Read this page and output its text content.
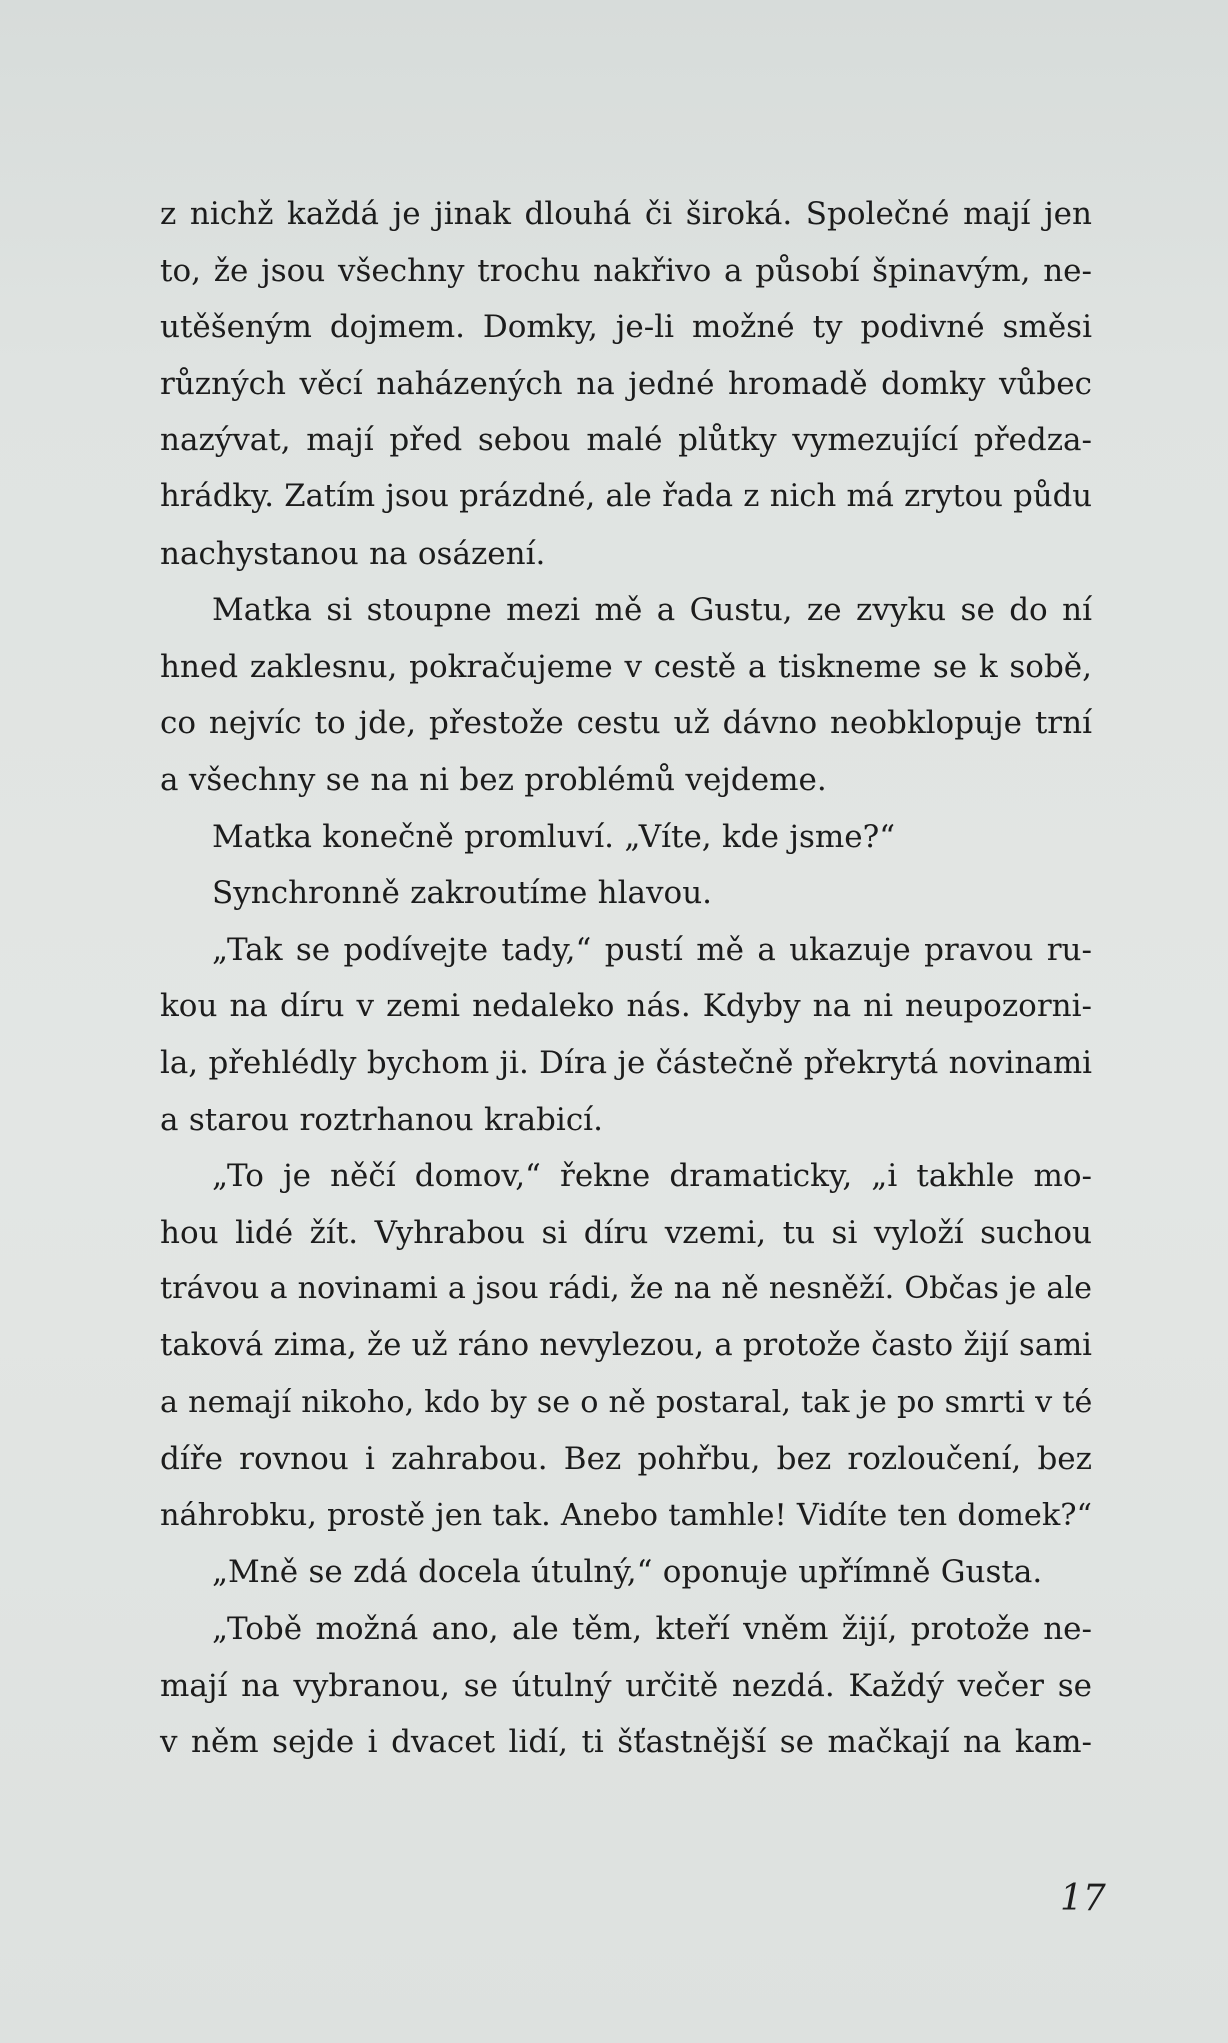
z nichž každá je jinak dlouhá či široká. Společné mají jen
to, že jsou všechny trochu nakřivo a působí špinavým, ne-
utěšeným dojmem. Domky, je-li možné ty podivné směsi
různých věcí naházených na jedné hromadě domky vůbec
nazývat, mají před sebou malé plůtky vymezující předza-
hrádky. Zatím jsou prázdné, ale řada z nich má zrytou půdu
nachystanou na osázení.
Matka si stoupne mezi mě a Gustu, ze zvyku se do ní
hned zaklesnu, pokračujeme v cestě a tiskneme se k sobě,
co nejvíc to jde, přestože cestu už dávno neobklopuje trní
a všechny se na ni bez problémů vejdeme.
Matka konečně promluví. „Víte, kde jsme?“
Synchronně zakroutíme hlavou.
„Tak se podívejte tady,“ pustí mě a ukazuje pravou ru-
kou na díru v zemi nedaleko nás. Kdyby na ni neupozorni-
la, přehlédly bychom ji. Díra je částečně překrytá novinami
a starou roztrhanou krabicí.
„To je něčí domov,“ řekne dramaticky, „i takhle mo-
hou lidé žít. Vyhrabou si díru vzemi, tu si vyloží suchou
trávou a novinami a jsou rádi, že na ně nesněží. Občas je ale
taková zima, že už ráno nevylezou, a protože často žijí sami
a nemají nikoho, kdo by se o ně postaral, tak je po smrti v té
díře rovnou i zahrabou. Bez pohřbu, bez rozloučení, bez
náhrobku, prostě jen tak. Anebo tamhle! Vidíte ten domek?“
„Mně se zdá docela útulný,“ oponuje upřímně Gusta.
„Tobě možná ano, ale těm, kteří vněm žijí, protože ne-
mají na vybranou, se útulný určitě nezdá. Každý večer se
v něm sejde i dvacet lidí, ti šťastnější se mačkají na kam-
17
